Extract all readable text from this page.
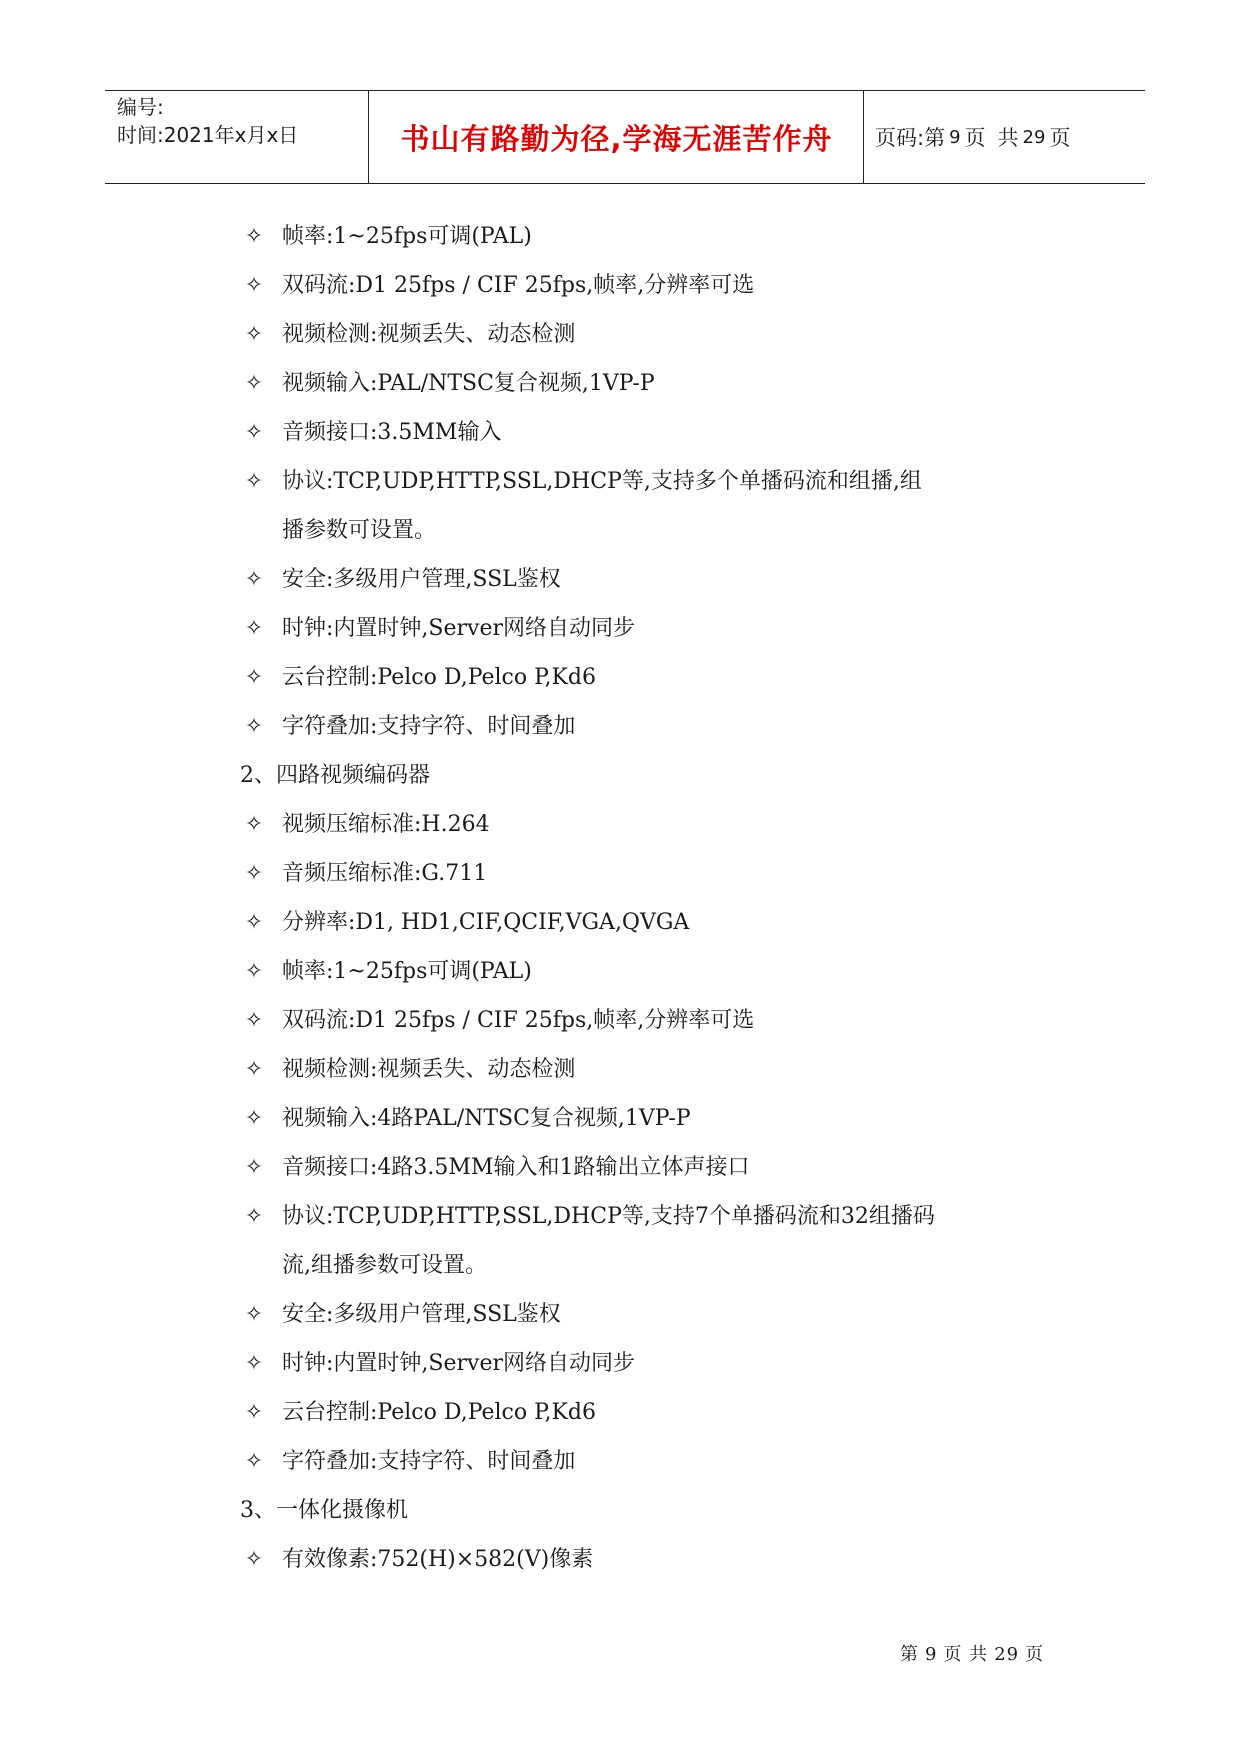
编号:
时间:2021年x月x日	书山有路勤为径,学海无涯苦作舟	页码:第 9 页 共 29 页
✧ 帧率:1~25fps可调(PAL)
✧ 双码流:D1 25fps / CIF 25fps,帧率,分辨率可选
✧ 视频检测:视频丢失、动态检测
✧ 视频输入:PAL/NTSC复合视频,1VP-P
✧ 音频接口:3.5MM输入
✧ 协议:TCP,UDP,HTTP,SSL,DHCP等,支持多个单播码流和组播,组
播参数可设置。
✧ 安全:多级用户管理,SSL鉴权
✧ 时钟:内置时钟,Server网络自动同步
✧ 云台控制:Pelco D,Pelco P,Kd6
✧ 字符叠加:支持字符、时间叠加
2、四路视频编码器
✧ 视频压缩标准:H.264
✧ 音频压缩标准:G.711
✧ 分辨率:D1, HD1,CIF,QCIF,VGA,QVGA
✧ 帧率:1~25fps可调(PAL)
✧ 双码流:D1 25fps / CIF 25fps,帧率,分辨率可选
✧ 视频检测:视频丢失、动态检测
✧ 视频输入:4路PAL/NTSC复合视频,1VP-P
✧ 音频接口:4路3.5MM输入和1路输出立体声接口
✧ 协议:TCP,UDP,HTTP,SSL,DHCP等,支持7个单播码流和32组播码
流,组播参数可设置。
✧ 安全:多级用户管理,SSL鉴权
✧ 时钟:内置时钟,Server网络自动同步
✧ 云台控制:Pelco D,Pelco P,Kd6
✧ 字符叠加:支持字符、时间叠加
3、一体化摄像机
✧ 有效像素:752(H)×582(V)像素
第 9 页 共 29 页
